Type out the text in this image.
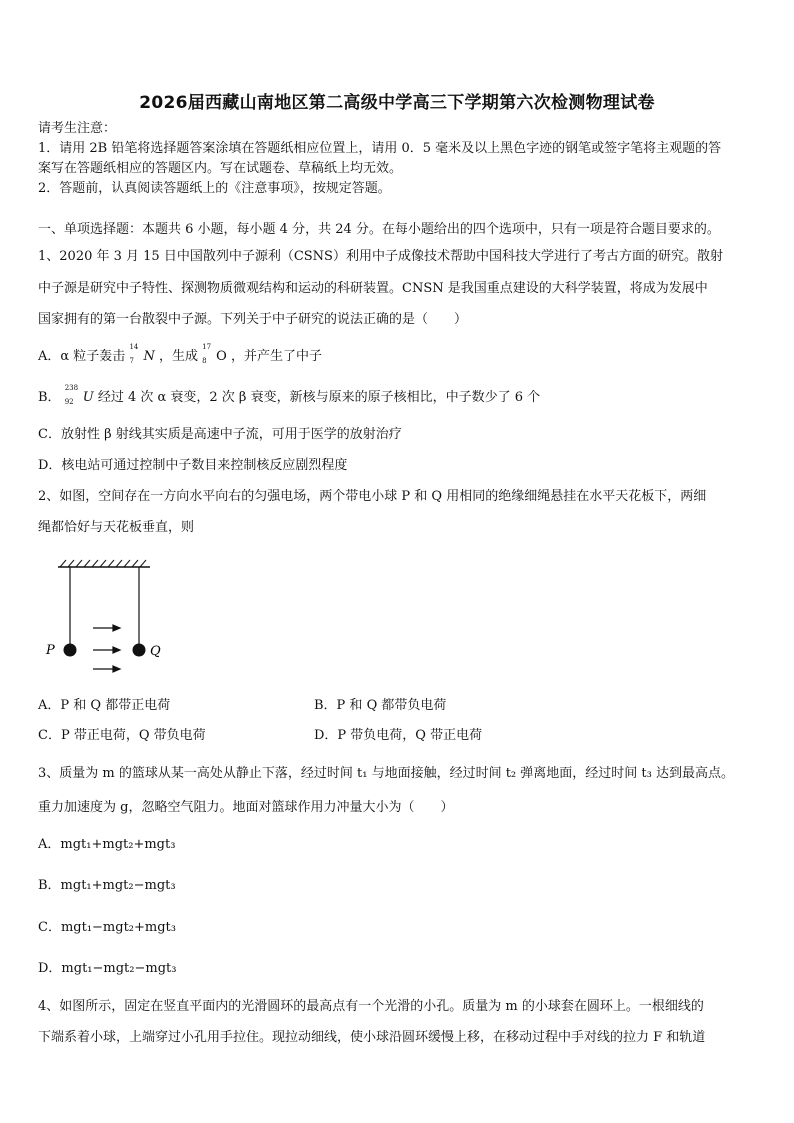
2026届西藏山南地区第二高级中学高三下学期第六次检测物理试卷
请考生注意：
1．请用 2B 铅笔将选择题答案涂填在答题纸相应位置上，请用 0．5 毫米及以上黑色字迹的钢笔或签字笔将主观题的答
案写在答题纸相应的答题区内。写在试题卷、草稿纸上均无效。
2．答题前，认真阅读答题纸上的《注意事项》，按规定答题。
一、单项选择题：本题共 6 小题，每小题 4 分，共 24 分。在每小题给出的四个选项中，只有一项是符合题目要求的。
1、2020 年 3 月 15 日中国散列中子源利（CSNS）利用中子成像技术帮助中国科技大学进行了考古方面的研究。散射
中子源是研究中子特性、探测物质微观结构和运动的科研装置。CNSN 是我国重点建设的大科学装置，将成为发展中
国家拥有的第一台散裂中子源。下列关于中子研究的说法正确的是（　　）
A．α 粒子轰击
14
7 N ，生成
17
8 O ，并产生了中子
B．
238
92 U 经过 4 次 α 衰变，2 次 β 衰变，新核与原来的原子核相比，中子数少了 6 个
C．放射性 β 射线其实质是高速中子流，可用于医学的放射治疗
D．核电站可通过控制中子数目来控制核反应剧烈程度
2、如图，空间存在一方向水平向右的匀强电场，两个带电小球 P 和 Q 用相同的绝缘细绳悬挂在水平天花板下，两细
绳都恰好与天花板垂直，则
P	Q
A．P 和 Q 都带正电荷	B．P 和 Q 都带负电荷
C．P 带正电荷，Q 带负电荷	D．P 带负电荷，Q 带正电荷
3、质量为 m 的篮球从某一高处从静止下落，经过时间 t₁ 与地面接触，经过时间 t₂ 弹离地面，经过时间 t₃ 达到最高点。
重力加速度为 g，忽略空气阻力。地面对篮球作用力冲量大小为（　　）
A．mgt₁+mgt₂+mgt₃
B．mgt₁+mgt₂−mgt₃
C．mgt₁−mgt₂+mgt₃
D．mgt₁−mgt₂−mgt₃
4、如图所示，固定在竖直平面内的光滑圆环的最高点有一个光滑的小孔。质量为 m 的小球套在圆环上。一根细线的
下端系着小球，上端穿过小孔用手拉住。现拉动细线，使小球沿圆环缓慢上移，在移动过程中手对线的拉力 F 和轨道
